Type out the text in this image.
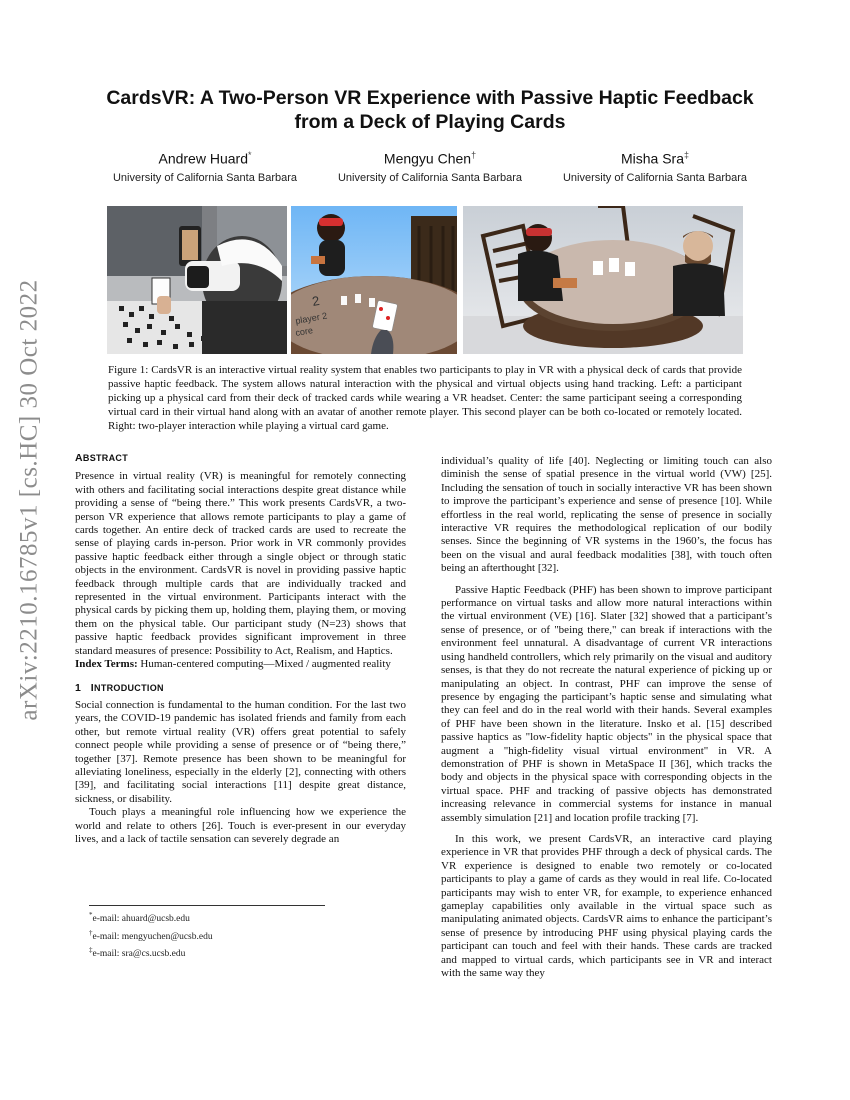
arXiv:2210.16785v1 [cs.HC] 30 Oct 2022
CardsVR: A Two-Person VR Experience with Passive Haptic Feedback
from a Deck of Playing Cards
Andrew Huard*
University of California Santa Barbara
Mengyu Chen†
University of California Santa Barbara
Misha Sra‡
University of California Santa Barbara
2
player 2
core
Figure 1: CardsVR is an interactive virtual reality system that enables two participants to play in VR with a physical deck of cards that provide passive haptic feedback. The system allows natural interaction with the physical and virtual objects using hand tracking. Left: a participant picking up a physical card from their deck of tracked cards while wearing a VR headset. Center: the same participant seeing a corresponding virtual card in their virtual hand along with an avatar of another remote player. This second player can be both co-located or remotely located. Right: two-player interaction while playing a virtual card game.
ABSTRACT

Presence in virtual reality (VR) is meaningful for remotely connecting with others and facilitating social interactions despite great distance while providing a sense of “being there.” This work presents CardsVR, a two-person VR experience that allows remote participants to play a game of cards together. An entire deck of tracked cards are used to recreate the sense of playing cards in-person. Prior work in VR commonly provides passive haptic feedback either through a single object or through static objects in the environment. CardsVR is novel in providing passive haptic feedback through multiple cards that are individually tracked and represented in the virtual environment. Participants interact with the physical cards by picking them up, holding them, playing them, or moving them on the physical table. Our participant study (N=23) shows that passive haptic feedback provides significant improvement in three standard measures of presence: Possibility to Act, Realism, and Haptics.

Index Terms: Human-centered computing—Mixed / augmented reality

1 INTRODUCTION

Social connection is fundamental to the human condition. For the last two years, the COVID-19 pandemic has isolated friends and family from each other, but remote virtual reality (VR) offers great potential to safely connect people while providing a sense of presence or of “being there,” together [37]. Remote presence has been shown to be meaningful for alleviating loneliness, especially in the elderly [2], connecting with others [39], and facilitating social interactions [11] despite great distance, sickness, or disability.

Touch plays a meaningful role influencing how we experience the world and relate to others [26]. Touch is ever-present in our everyday lives, and a lack of tactile sensation can severely degrade an

individual’s quality of life [40]. Neglecting or limiting touch can also diminish the sense of spatial presence in the virtual world (VW) [25]. Including the sensation of touch in socially interactive VR has been shown to improve the participant’s experience and sense of presence [10]. While effortless in the real world, replicating the sense of presence in socially interactive VR requires the methodological replication of our bodily senses. Since the beginning of VR systems in the 1960’s, the focus has been on the visual and aural feedback modalities [38], with touch often being an afterthought [32].

Passive Haptic Feedback (PHF) has been shown to improve participant performance on virtual tasks and allow more natural interactions within the virtual environment (VE) [16]. Slater [32] showed that a participant’s sense of presence, or of "being there," can break if interactions with the environment feel unnatural. A disadvantage of current VR interactions using handheld controllers, which rely primarily on the visual and auditory senses, is that they do not recreate the natural experience of picking up or manipulating an object. In contrast, PHF can improve the sense of presence by engaging the participant’s haptic sense and simulating what they can feel and do in the real world with their hands. Several examples of PHF have been shown in the literature. Insko et al. [15] described passive haptics as "low-fidelity haptic objects" in the physical space that augment a "high-fidelity visual virtual environment" in VR. A demonstration of PHF is shown in MetaSpace II [36], which tracks the body and objects in the physical space with corresponding objects in the virtual space. PHF and tracking of passive objects has demonstrated increasing relevance in commercial systems for instance in manual assembly simulation [21] and location profile tracking [7].

In this work, we present CardsVR, an interactive card playing experience in VR that provides PHF through a deck of physical cards. The VR experience is designed to enable two remotely or co-located participants to play a game of cards as they would in real life. Co-located participants may wish to enter VR, for example, to experience enhanced gameplay capabilities only available in the virtual space such as manipulating animated objects. CardsVR aims to enhance the participant’s sense of presence by introducing PHF using physical playing cards the participant can touch and feel with their hands. These cards are tracked and mapped to virtual cards, which participants see in VR and interact with the same way they

*e-mail: ahuard@ucsb.edu
†e-mail: mengyuchen@ucsb.edu
‡e-mail: sra@cs.ucsb.edu
